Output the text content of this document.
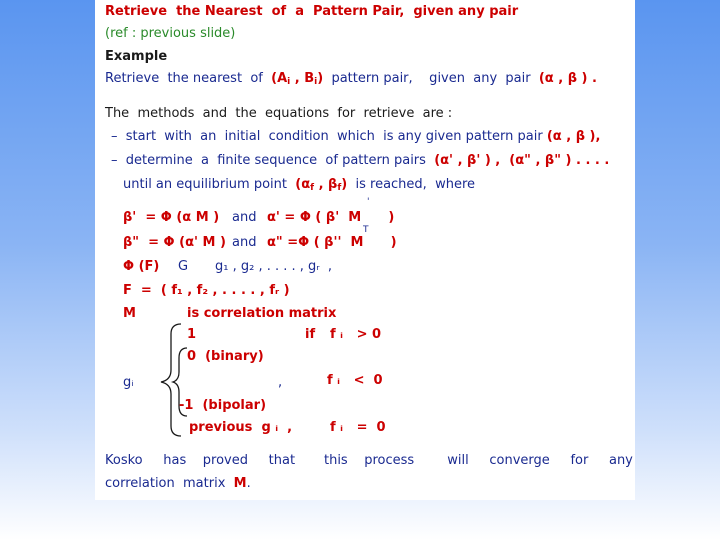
Retrieve  the Nearest  of  a  Pattern Pair,  given any pair
(ref : previous slide)
Example
Retrieve  the nearest  of  ($A_i$ , $B_i$)  pattern pair,    given  any  pair  (α , β ) .
The  methods  and  the  equations  for  retrieve  are :
–  start  with  an  initial  condition  which  is any given pattern pair (α , β ),
–  determine  a  finite sequence  of pattern pairs  (α' , β' ) ,  (α" , β" ) . . . .
until an equilibrium point  ($\alpha_f$ , $\beta_f$)  is reached,  where
'
β'  = Φ (α M ) and α' = Φ ( β'  M      )
T
β"  = Φ (α' M ) and α" =Φ ( β''  M      )
Φ (F) G g₁ , g₂ , . . . . , gᵣ  ,
F  =  ( f₁ , f₂ , . . . . , fᵣ )
M	is correlation matrix
1	if f ᵢ   > 0
0  (binary)
gᵢ	,	f ᵢ   <  0
-1  (bipolar)
previous  g ᵢ  ,	f ᵢ   =  0
Kosko     has    proved     that       this    process        will     converge     for     any
correlation  matrix  M.
